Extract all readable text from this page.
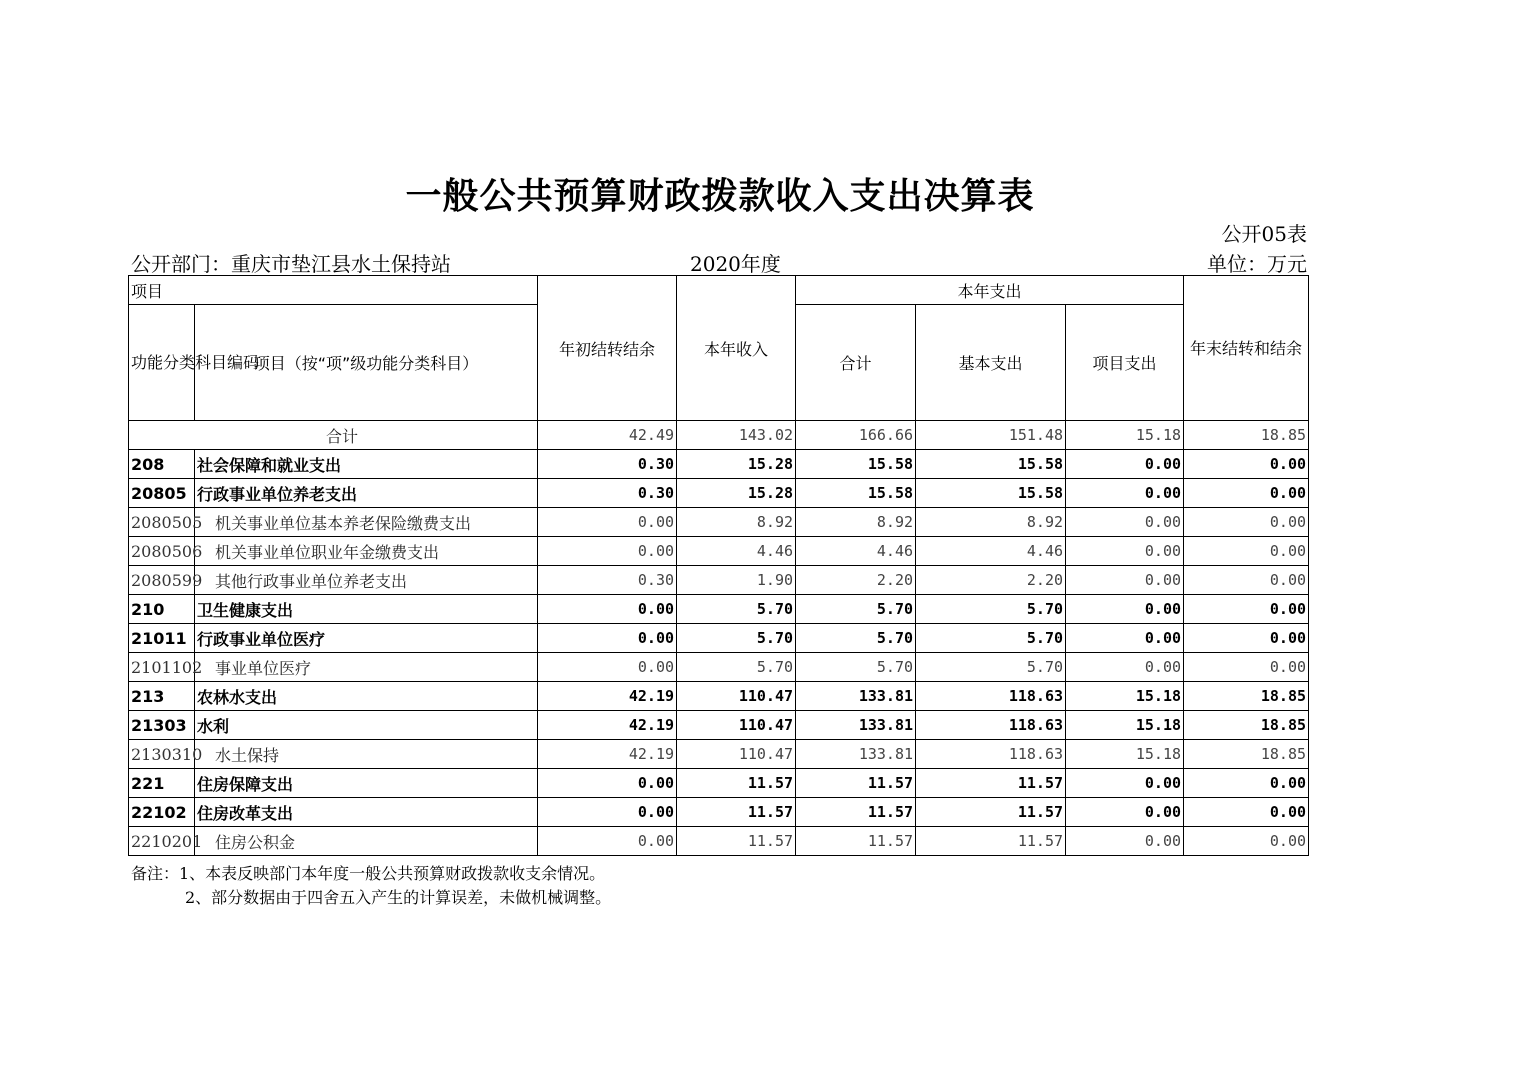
一般公共预算财政拨款收入支出决算表
公开05表
公开部门：重庆市垫江县水土保持站	2020年度	单位：万元
项目		年初结转结余	本年收入	本年支出			年末结转和结余
功能分类科目编码	项目（按“项”级功能分类科目）			合计	基本支出	项目支出	
合计		42.49	143.02	166.66	151.48	15.18	18.85
208	社会保障和就业支出	0.30	15.28	15.58	15.58	0.00	0.00
20805	行政事业单位养老支出	0.30	15.28	15.58	15.58	0.00	0.00
2080505	机关事业单位基本养老保险缴费支出	0.00	8.92	8.92	8.92	0.00	0.00
2080506	机关事业单位职业年金缴费支出	0.00	4.46	4.46	4.46	0.00	0.00
2080599	其他行政事业单位养老支出	0.30	1.90	2.20	2.20	0.00	0.00
210	卫生健康支出	0.00	5.70	5.70	5.70	0.00	0.00
21011	行政事业单位医疗	0.00	5.70	5.70	5.70	0.00	0.00
2101102	事业单位医疗	0.00	5.70	5.70	5.70	0.00	0.00
213	农林水支出	42.19	110.47	133.81	118.63	15.18	18.85
21303	水利	42.19	110.47	133.81	118.63	15.18	18.85
2130310	水土保持	42.19	110.47	133.81	118.63	15.18	18.85
221	住房保障支出	0.00	11.57	11.57	11.57	0.00	0.00
22102	住房改革支出	0.00	11.57	11.57	11.57	0.00	0.00
2210201	住房公积金	0.00	11.57	11.57	11.57	0.00	0.00
备注：1、本表反映部门本年度一般公共预算财政拨款收支余情况。
2、部分数据由于四舍五入产生的计算误差，未做机械调整。
